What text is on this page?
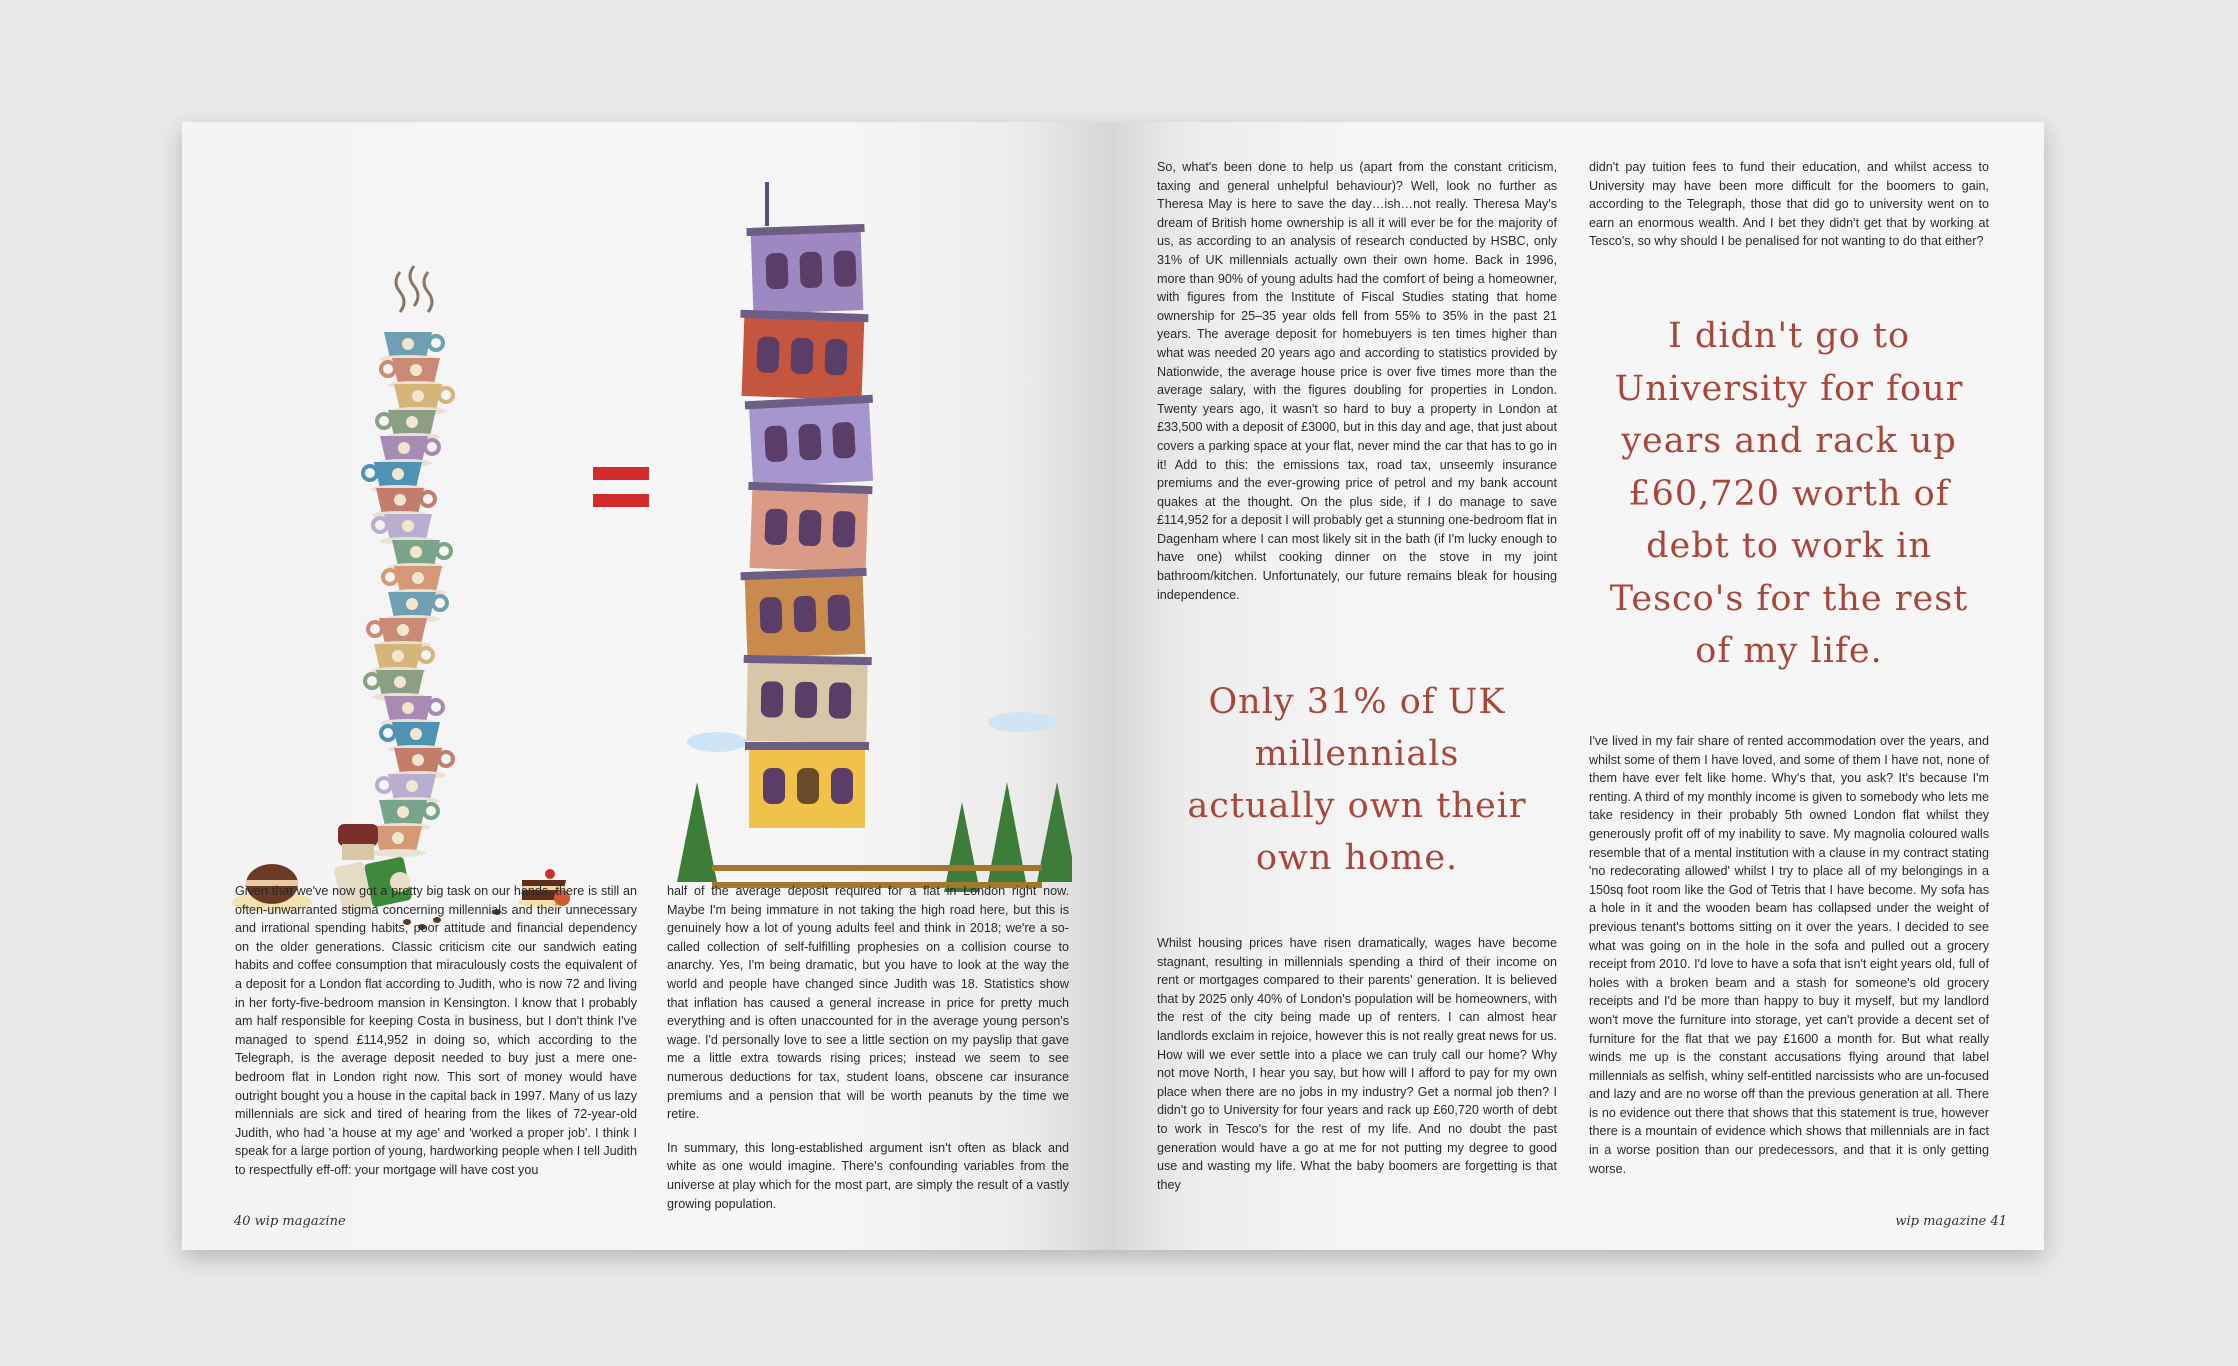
Given that we've now got a pretty big task on our hands, there is still an often-unwarranted stigma concerning millennials and their unnecessary and irrational spending habits, poor attitude and financial dependency on the older generations. Classic criticism cite our sandwich eating habits and coffee consumption that miraculously costs the equivalent of a deposit for a London flat according to Judith, who is now 72 and living in her forty-five-bedroom mansion in Kensington. I know that I probably am half responsible for keeping Costa in business, but I don't think I've managed to spend £114,952 in doing so, which according to the Telegraph, is the average deposit needed to buy just a mere one-bedroom flat in London right now. This sort of money would have outright bought you a house in the capital back in 1997. Many of us lazy millennials are sick and tired of hearing from the likes of 72-year-old Judith, who had 'a house at my age' and 'worked a proper job'. I think I speak for a large portion of young, hardworking people when I tell Judith to respectfully eff-off: your mortgage will have cost you

half of the average deposit required for a flat in London right now. Maybe I'm being immature in not taking the high road here, but this is genuinely how a lot of young adults feel and think in 2018; we're a so-called collection of self-fulfilling prophesies on a collision course to anarchy. Yes, I'm being dramatic, but you have to look at the way the world and people have changed since Judith was 18. Statistics show that inflation has caused a general increase in price for pretty much everything and is often unaccounted for in the average young person's wage. I'd personally love to see a little section on my payslip that gave me a little extra towards rising prices; instead we seem to see numerous deductions for tax, student loans, obscene car insurance premiums and a pension that will be worth peanuts by the time we retire.

In summary, this long-established argument isn't often as black and white as one would imagine. There's confounding variables from the universe at play which for the most part, are simply the result of a vastly growing population.

40 wip magazine

So, what's been done to help us (apart from the constant criticism, taxing and general unhelpful behaviour)? Well, look no further as Theresa May is here to save the day…ish…not really. Theresa May's dream of British home ownership is all it will ever be for the majority of us, as according to an analysis of research conducted by HSBC, only 31% of UK millennials actually own their own home. Back in 1996, more than 90% of young adults had the comfort of being a homeowner, with figures from the Institute of Fiscal Studies stating that home ownership for 25–35 year olds fell from 55% to 35% in the past 21 years. The average deposit for homebuyers is ten times higher than what was needed 20 years ago and according to statistics provided by Nationwide, the average house price is over five times more than the average salary, with the figures doubling for properties in London. Twenty years ago, it wasn't so hard to buy a property in London at £33,500 with a deposit of £3000, but in this day and age, that just about covers a parking space at your flat, never mind the car that has to go in it! Add to this: the emissions tax, road tax, unseemly insurance premiums and the ever-growing price of petrol and my bank account quakes at the thought. On the plus side, if I do manage to save £114,952 for a deposit I will probably get a stunning one-bedroom flat in Dagenham where I can most likely sit in the bath (if I'm lucky enough to have one) whilst cooking dinner on the stove in my joint bathroom/kitchen. Unfortunately, our future remains bleak for housing independence.

Only 31% of UK millennials actually own their own home.

Whilst housing prices have risen dramatically, wages have become stagnant, resulting in millennials spending a third of their income on rent or mortgages compared to their parents' generation. It is believed that by 2025 only 40% of London's population will be homeowners, with the rest of the city being made up of renters. I can almost hear landlords exclaim in rejoice, however this is not really great news for us. How will we ever settle into a place we can truly call our home? Why not move North, I hear you say, but how will I afford to pay for my own place when there are no jobs in my industry? Get a normal job then? I didn't go to University for four years and rack up £60,720 worth of debt to work in Tesco's for the rest of my life. And no doubt the past generation would have a go at me for not putting my degree to good use and wasting my life. What the baby boomers are forgetting is that they

didn't pay tuition fees to fund their education, and whilst access to University may have been more difficult for the boomers to gain, according to the Telegraph, those that did go to university went on to earn an enormous wealth. And I bet they didn't get that by working at Tesco's, so why should I be penalised for not wanting to do that either?

I didn't go to University for four years and rack up £60,720 worth of debt to work in Tesco's for the rest of my life.

I've lived in my fair share of rented accommodation over the years, and whilst some of them I have loved, and some of them I have not, none of them have ever felt like home. Why's that, you ask? It's because I'm renting. A third of my monthly income is given to somebody who lets me take residency in their probably 5th owned London flat whilst they generously profit off of my inability to save. My magnolia coloured walls resemble that of a mental institution with a clause in my contract stating 'no redecorating allowed' whilst I try to place all of my belongings in a 150sq foot room like the God of Tetris that I have become. My sofa has a hole in it and the wooden beam has collapsed under the weight of previous tenant's bottoms sitting on it over the years. I decided to see what was going on in the hole in the sofa and pulled out a grocery receipt from 2010. I'd love to have a sofa that isn't eight years old, full of holes with a broken beam and a stash for someone's old grocery receipts and I'd be more than happy to buy it myself, but my landlord won't move the furniture into storage, yet can't provide a decent set of furniture for the flat that we pay £1600 a month for. But what really winds me up is the constant accusations flying around that label millennials as selfish, whiny self-entitled narcissists who are un-focused and lazy and are no worse off than the previous generation at all. There is no evidence out there that shows that this statement is true, however there is a mountain of evidence which shows that millennials are in fact in a worse position than our predecessors, and that it is only getting worse.

wip magazine 41
